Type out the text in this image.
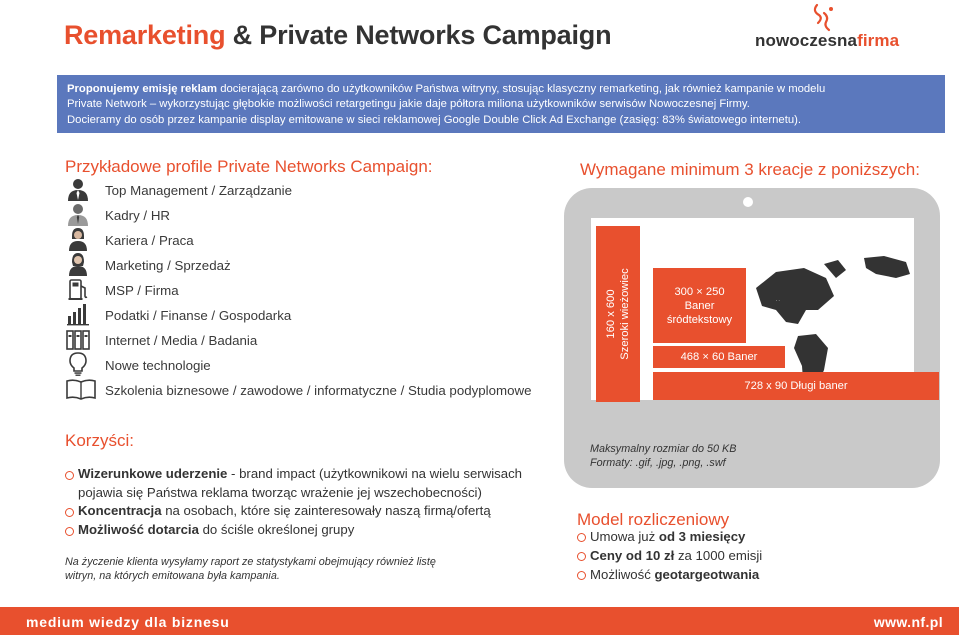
Remarketing & Private Networks Campaign	nowoczesnafirma
Proponujemy emisję reklam docierającą zarówno do użytkowników Państwa witryny, stosując klasyczny remarketing, jak również kampanie w modelu
Private Network – wykorzystując głębokie możliwości retargetingu jakie daje półtora miliona użytkowników serwisów Nowoczesnej Firmy.
Docieramy do osób przez kampanie display emitowane w sieci reklamowej Google Double Click Ad Exchange (zasięg: 83% światowego internetu).
Przykładowe profile Private Networks Campaign:
Top Management / Zarządzanie
Kadry / HR
Kariera / Praca
Marketing / Sprzedaż
MSP / Firma
Podatki / Finanse / Gospodarka
Internet / Media / Badania
Nowe technologie
Szkolenia biznesowe / zawodowe / informatyczne / Studia podyplomowe
Wymagane minimum 3 kreacje z poniższych:
· ·
160 x 600 Szeroki wieżowiec	300 × 250
Baner
śródtekstowy
468 × 60 Baner
728 x 90 Długi baner
Maksymalny rozmiar do 50 KB
Formaty: .gif, .jpg, .png, .swf
Korzyści:
Wizerunkowe uderzenie - brand impact (użytkownikowi na wielu serwisach pojawia się Państwa reklama tworząc wrażenie jej wszechobecności)
Koncentracja na osobach, które się zainteresowały naszą firmą/ofertą
Możliwość dotarcia do ściśle określonej grupy
Na życzenie klienta wysyłamy raport ze statystykami obejmujący również listę witryn, na których emitowana była kampania.
Model rozliczeniowy
Umowa już od 3 miesięcy
Ceny od 10 zł za 1000 emisji
Możliwość geotargeotwania
medium wiedzy dla biznesu	www.nf.pl
